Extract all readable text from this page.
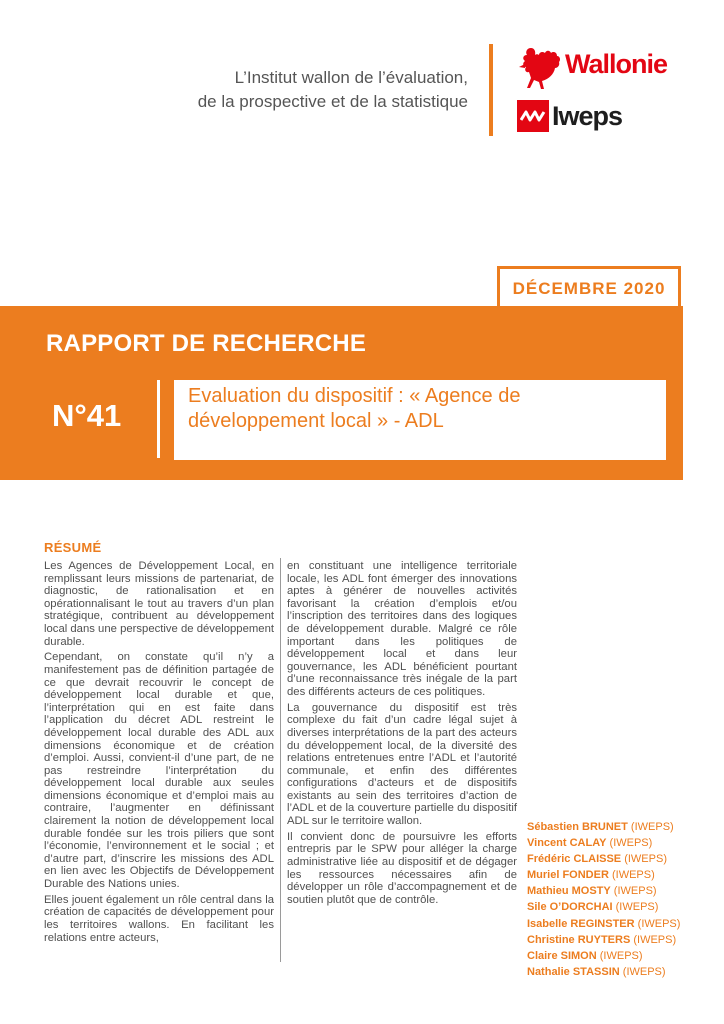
L’Institut wallon de l’évaluation,
de la prospective et de la statistique
Wallonie
Iweps
DÉCEMBRE 2020
RAPPORT DE RECHERCHE
N°41
Evaluation du dispositif : « Agence de
développement local » - ADL
RÉSUMÉ

Les Agences de Développement Local, en remplissant leurs missions de partenariat, de diagnostic, de rationalisation et en opérationnalisant le tout au travers d’un plan stratégique, contribuent au développement local dans une perspective de développement durable.

Cependant, on constate qu’il n’y a manifestement pas de définition partagée de ce que devrait recouvrir le concept de développement local durable et que, l’interprétation qui en est faite dans l’application du décret ADL restreint le développement local durable des ADL aux dimensions économique et de création d’emploi. Aussi, convient-il d’une part, de ne pas restreindre l’interprétation du développement local durable aux seules dimensions économique et d’emploi mais au contraire, l’augmenter en définissant clairement la notion de développement local durable fondée sur les trois piliers que sont l’économie, l’environnement et le social ; et d’autre part, d’inscrire les missions des ADL en lien avec les Objectifs de Développement Durable des Nations unies.

Elles jouent également un rôle central dans la création de capacités de développement pour les territoires wallons. En facilitant les relations entre acteurs,

en constituant une intelligence territoriale locale, les ADL font émerger des innovations aptes à générer de nouvelles activités favorisant la création d’emplois et/ou l’inscription des territoires dans des logiques de développement durable. Malgré ce rôle important dans les politiques de développement local et dans leur gouvernance, les ADL bénéficient pourtant d’une reconnaissance très inégale de la part des différents acteurs de ces politiques.

La gouvernance du dispositif est très complexe du fait d’un cadre légal sujet à diverses interprétations de la part des acteurs du développement local, de la diversité des relations entretenues entre l’ADL et l’autorité communale, et enfin des différentes configurations d’acteurs et de dispositifs existants au sein des territoires d’action de l’ADL et de la couverture partielle du dispositif ADL sur le territoire wallon.

Il convient donc de poursuivre les efforts entrepris par le SPW pour alléger la charge administrative liée au dispositif et de dégager les ressources nécessaires afin de développer un rôle d’accompagnement et de soutien plutôt que de contrôle.

Sébastien BRUNET (IWEPS)
Vincent CALAY (IWEPS)
Frédéric CLAISSE (IWEPS)
Muriel FONDER (IWEPS)
Mathieu MOSTY (IWEPS)
Sile O’DORCHAI (IWEPS)
Isabelle REGINSTER (IWEPS)
Christine RUYTERS (IWEPS)
Claire SIMON (IWEPS)
Nathalie STASSIN (IWEPS)
